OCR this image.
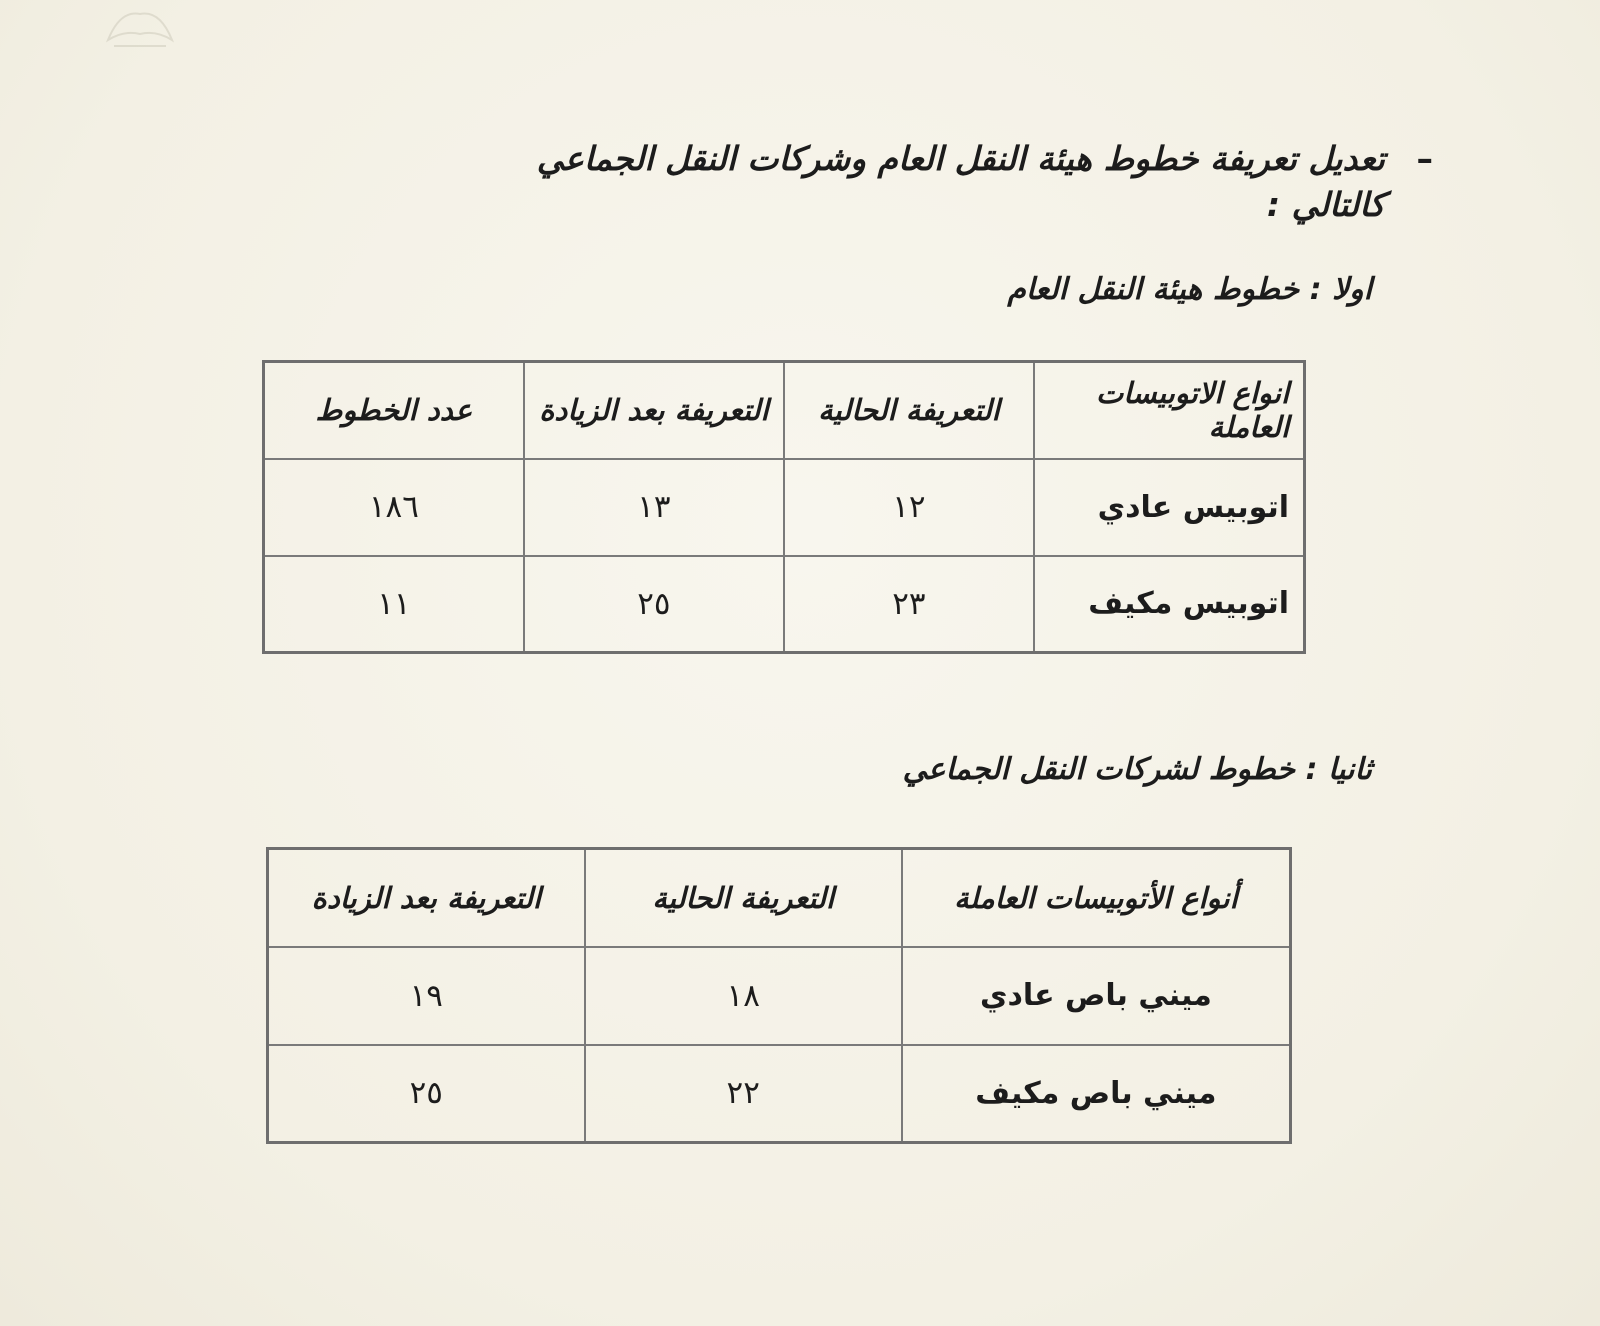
–
تعديل تعريفة خطوط هيئة النقل العام وشركات النقل الجماعي كالتالي :
اولا : خطوط هيئة النقل العام
انواع الاتوبيسات العاملة	التعريفة الحالية	التعريفة بعد الزيادة	عدد الخطوط
اتوبيس عادي	١٢	١٣	١٨٦
اتوبيس مكيف	٢٣	٢٥	١١
ثانيا : خطوط لشركات النقل الجماعي
أنواع الأتوبيسات العاملة	التعريفة الحالية	التعريفة بعد الزيادة
ميني باص عادي	١٨	١٩
ميني باص مكيف	٢٢	٢٥
